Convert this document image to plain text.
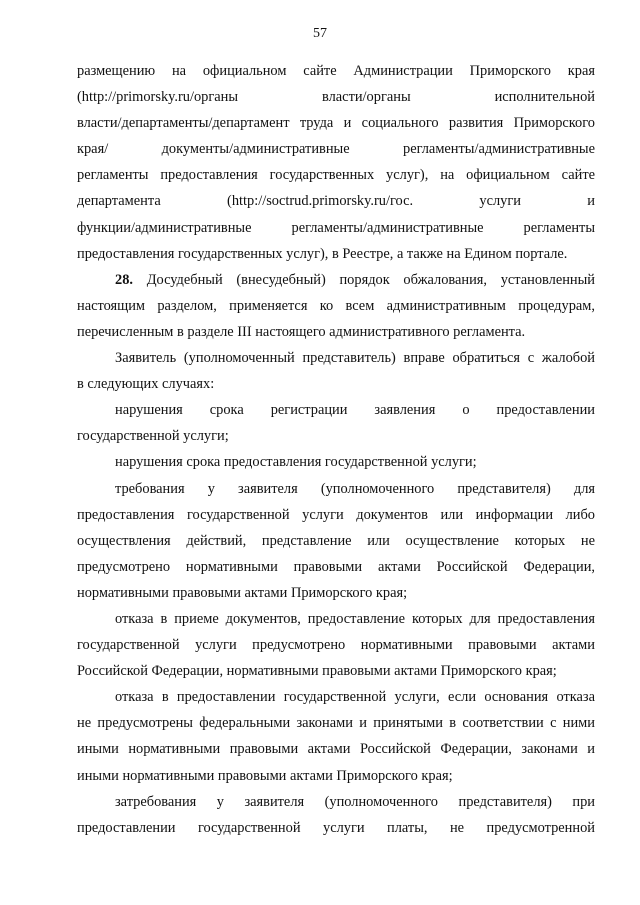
57
размещению на официальном сайте Администрации Приморского края
(http://primorsky.ru/органы власти/органы исполнительной
власти/департаменты/департамент труда и социального развития Приморского
края/ документы/административные регламенты/административные
регламенты предоставления государственных услуг), на официальном сайте
департамента (http://soctrud.primorsky.ru/гос. услуги и
функции/административные регламенты/административные регламенты
предоставления государственных услуг), в Реестре, а также на Едином портале.
28. Досудебный (внесудебный) порядок обжалования, установленный
настоящим разделом, применяется ко всем административным процедурам,
перечисленным в разделе III настоящего административного регламента.
Заявитель (уполномоченный представитель) вправе обратиться с жалобой
в следующих случаях:
нарушения срока регистрации заявления о предоставлении
государственной услуги;
нарушения срока предоставления государственной услуги;
требования у заявителя (уполномоченного представителя) для
предоставления государственной услуги документов или информации либо
осуществления действий, представление или осуществление которых не
предусмотрено нормативными правовыми актами Российской Федерации,
нормативными правовыми актами Приморского края;
отказа в приеме документов, предоставление которых для предоставления
государственной услуги предусмотрено нормативными правовыми актами
Российской Федерации, нормативными правовыми актами Приморского края;
отказа в предоставлении государственной услуги, если основания отказа
не предусмотрены федеральными законами и принятыми в соответствии с ними
иными нормативными правовыми актами Российской Федерации, законами и
иными нормативными правовыми актами Приморского края;
затребования у заявителя (уполномоченного представителя) при
предоставлении государственной услуги платы, не предусмотренной
